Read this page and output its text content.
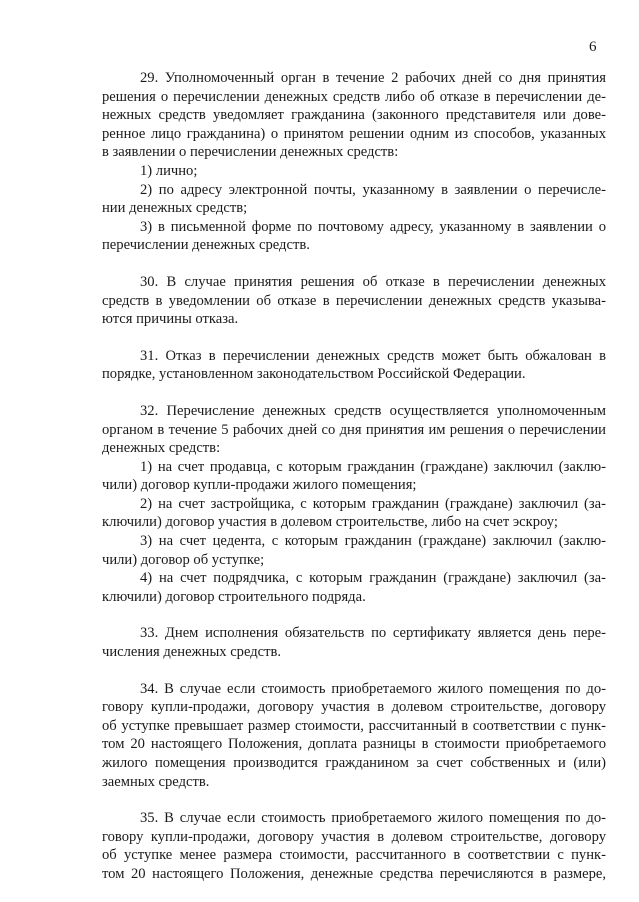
6
29. Уполномоченный орган в течение 2 рабочих дней со дня принятия
решения о перечислении денежных средств либо об отказе в перечислении де-
нежных средств уведомляет гражданина (законного представителя или дове-
ренное лицо гражданина) о принятом решении одним из способов, указанных
в заявлении о перечислении денежных средств:
1) лично;
2) по адресу электронной почты, указанному в заявлении о перечисле-
нии денежных средств;
3) в письменной форме по почтовому адресу, указанному в заявлении о
перечислении денежных средств.
30. В случае принятия решения об отказе в перечислении денежных
средств в уведомлении об отказе в перечислении денежных средств указыва-
ются причины отказа.
31. Отказ в перечислении денежных средств может быть обжалован в
порядке, установленном законодательством Российской Федерации.
32. Перечисление денежных средств осуществляется уполномоченным
органом в течение 5 рабочих дней со дня принятия им решения о перечислении
денежных средств:
1) на счет продавца, с которым гражданин (граждане) заключил (заклю-
чили) договор купли-продажи жилого помещения;
2) на счет застройщика, с которым гражданин (граждане) заключил (за-
ключили) договор участия в долевом строительстве, либо на счет эскроу;
3) на счет цедента, с которым гражданин (граждане) заключил (заклю-
чили) договор об уступке;
4) на счет подрядчика, с которым гражданин (граждане) заключил (за-
ключили) договор строительного подряда.
33. Днем исполнения обязательств по сертификату является день пере-
числения денежных средств.
34. В случае если стоимость приобретаемого жилого помещения по до-
говору купли-продажи, договору участия в долевом строительстве, договору
об уступке превышает размер стоимости, рассчитанный в соответствии с пунк-
том 20 настоящего Положения, доплата разницы в стоимости приобретаемого
жилого помещения производится гражданином за счет собственных и (или)
заемных средств.
35. В случае если стоимость приобретаемого жилого помещения по до-
говору купли-продажи, договору участия в долевом строительстве, договору
об уступке менее размера стоимости, рассчитанного в соответствии с пунк-
том 20 настоящего Положения, денежные средства перечисляются в размере,
